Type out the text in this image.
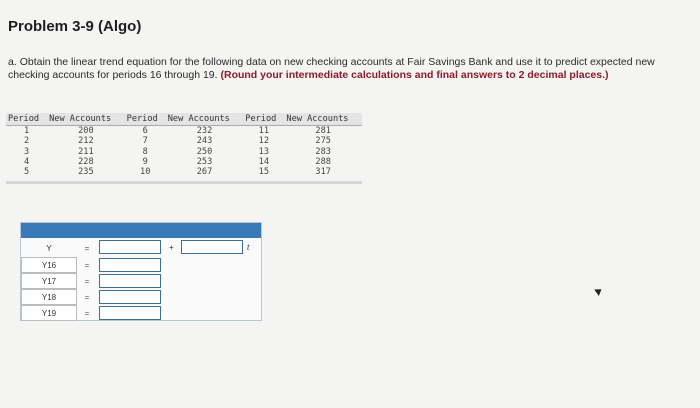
Problem 3-9 (Algo)
a. Obtain the linear trend equation for the following data on new checking accounts at Fair Savings Bank and use it to predict expected new checking accounts for periods 16 through 19. (Round your intermediate calculations and final answers to 2 decimal places.)
Period	New Accounts	Period	New Accounts	Period	New Accounts
1	200	6	232	11	281
2	212	7	243	12	275
3	211	8	250	13	283
4	228	9	253	14	288
5	235	10	267	15	317
Y	=	+	t
Y16	=
Y17	=
Y18	=
Y19	=
